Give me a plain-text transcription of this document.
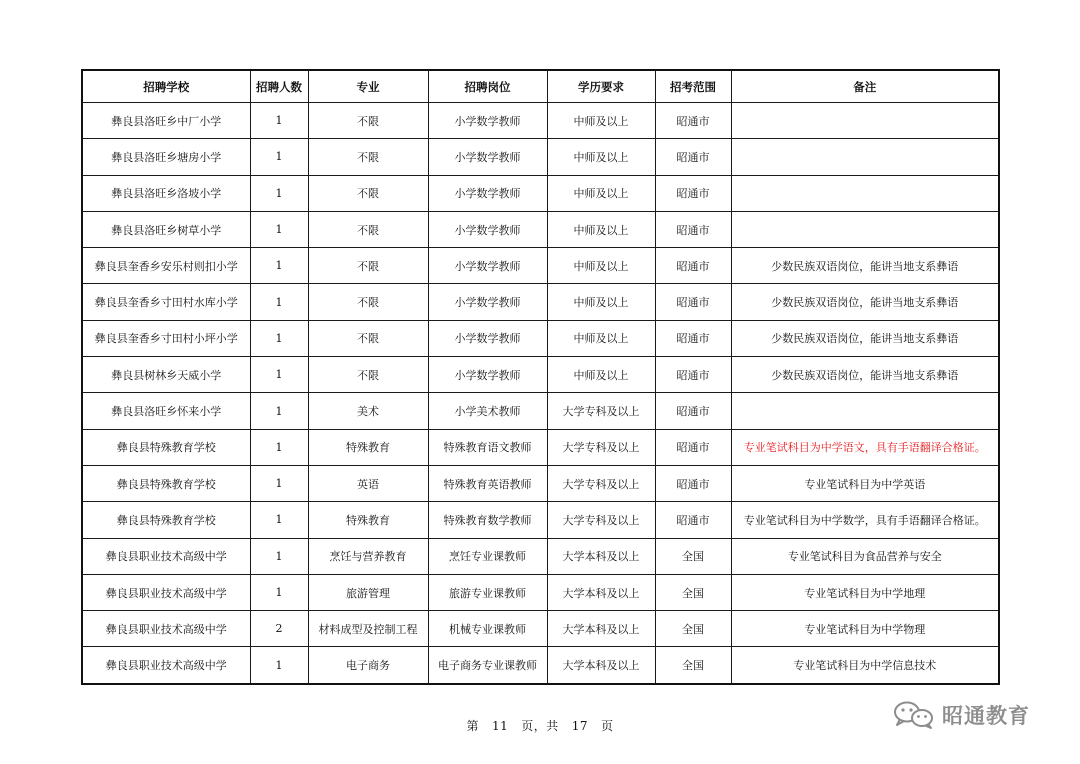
招聘学校	招聘人数	专业	招聘岗位	学历要求	招考范围	备注
彝良县洛旺乡中厂小学	1	不限	小学数学教师	中师及以上	昭通市	
彝良县洛旺乡塘房小学	1	不限	小学数学教师	中师及以上	昭通市	
彝良县洛旺乡洛坡小学	1	不限	小学数学教师	中师及以上	昭通市	
彝良县洛旺乡树草小学	1	不限	小学数学教师	中师及以上	昭通市	
彝良县奎香乡安乐村则扣小学	1	不限	小学数学教师	中师及以上	昭通市	少数民族双语岗位，能讲当地支系彝语
彝良县奎香乡寸田村水库小学	1	不限	小学数学教师	中师及以上	昭通市	少数民族双语岗位，能讲当地支系彝语
彝良县奎香乡寸田村小坪小学	1	不限	小学数学教师	中师及以上	昭通市	少数民族双语岗位，能讲当地支系彝语
彝良县树林乡天威小学	1	不限	小学数学教师	中师及以上	昭通市	少数民族双语岗位，能讲当地支系彝语
彝良县洛旺乡怀来小学	1	美术	小学美术教师	大学专科及以上	昭通市	
彝良县特殊教育学校	1	特殊教育	特殊教育语文教师	大学专科及以上	昭通市	专业笔试科目为中学语文，具有手语翻译合格证。
彝良县特殊教育学校	1	英语	特殊教育英语教师	大学专科及以上	昭通市	专业笔试科目为中学英语
彝良县特殊教育学校	1	特殊教育	特殊教育数学教师	大学专科及以上	昭通市	专业笔试科目为中学数学，具有手语翻译合格证。
彝良县职业技术高级中学	1	烹饪与营养教育	烹饪专业课教师	大学本科及以上	全国	专业笔试科目为食品营养与安全
彝良县职业技术高级中学	1	旅游管理	旅游专业课教师	大学本科及以上	全国	专业笔试科目为中学地理
彝良县职业技术高级中学	2	材料成型及控制工程	机械专业课教师	大学本科及以上	全国	专业笔试科目为中学物理
彝良县职业技术高级中学	1	电子商务	电子商务专业课教师	大学本科及以上	全国	专业笔试科目为中学信息技术
第 11 页，共 17 页	昭通教育
